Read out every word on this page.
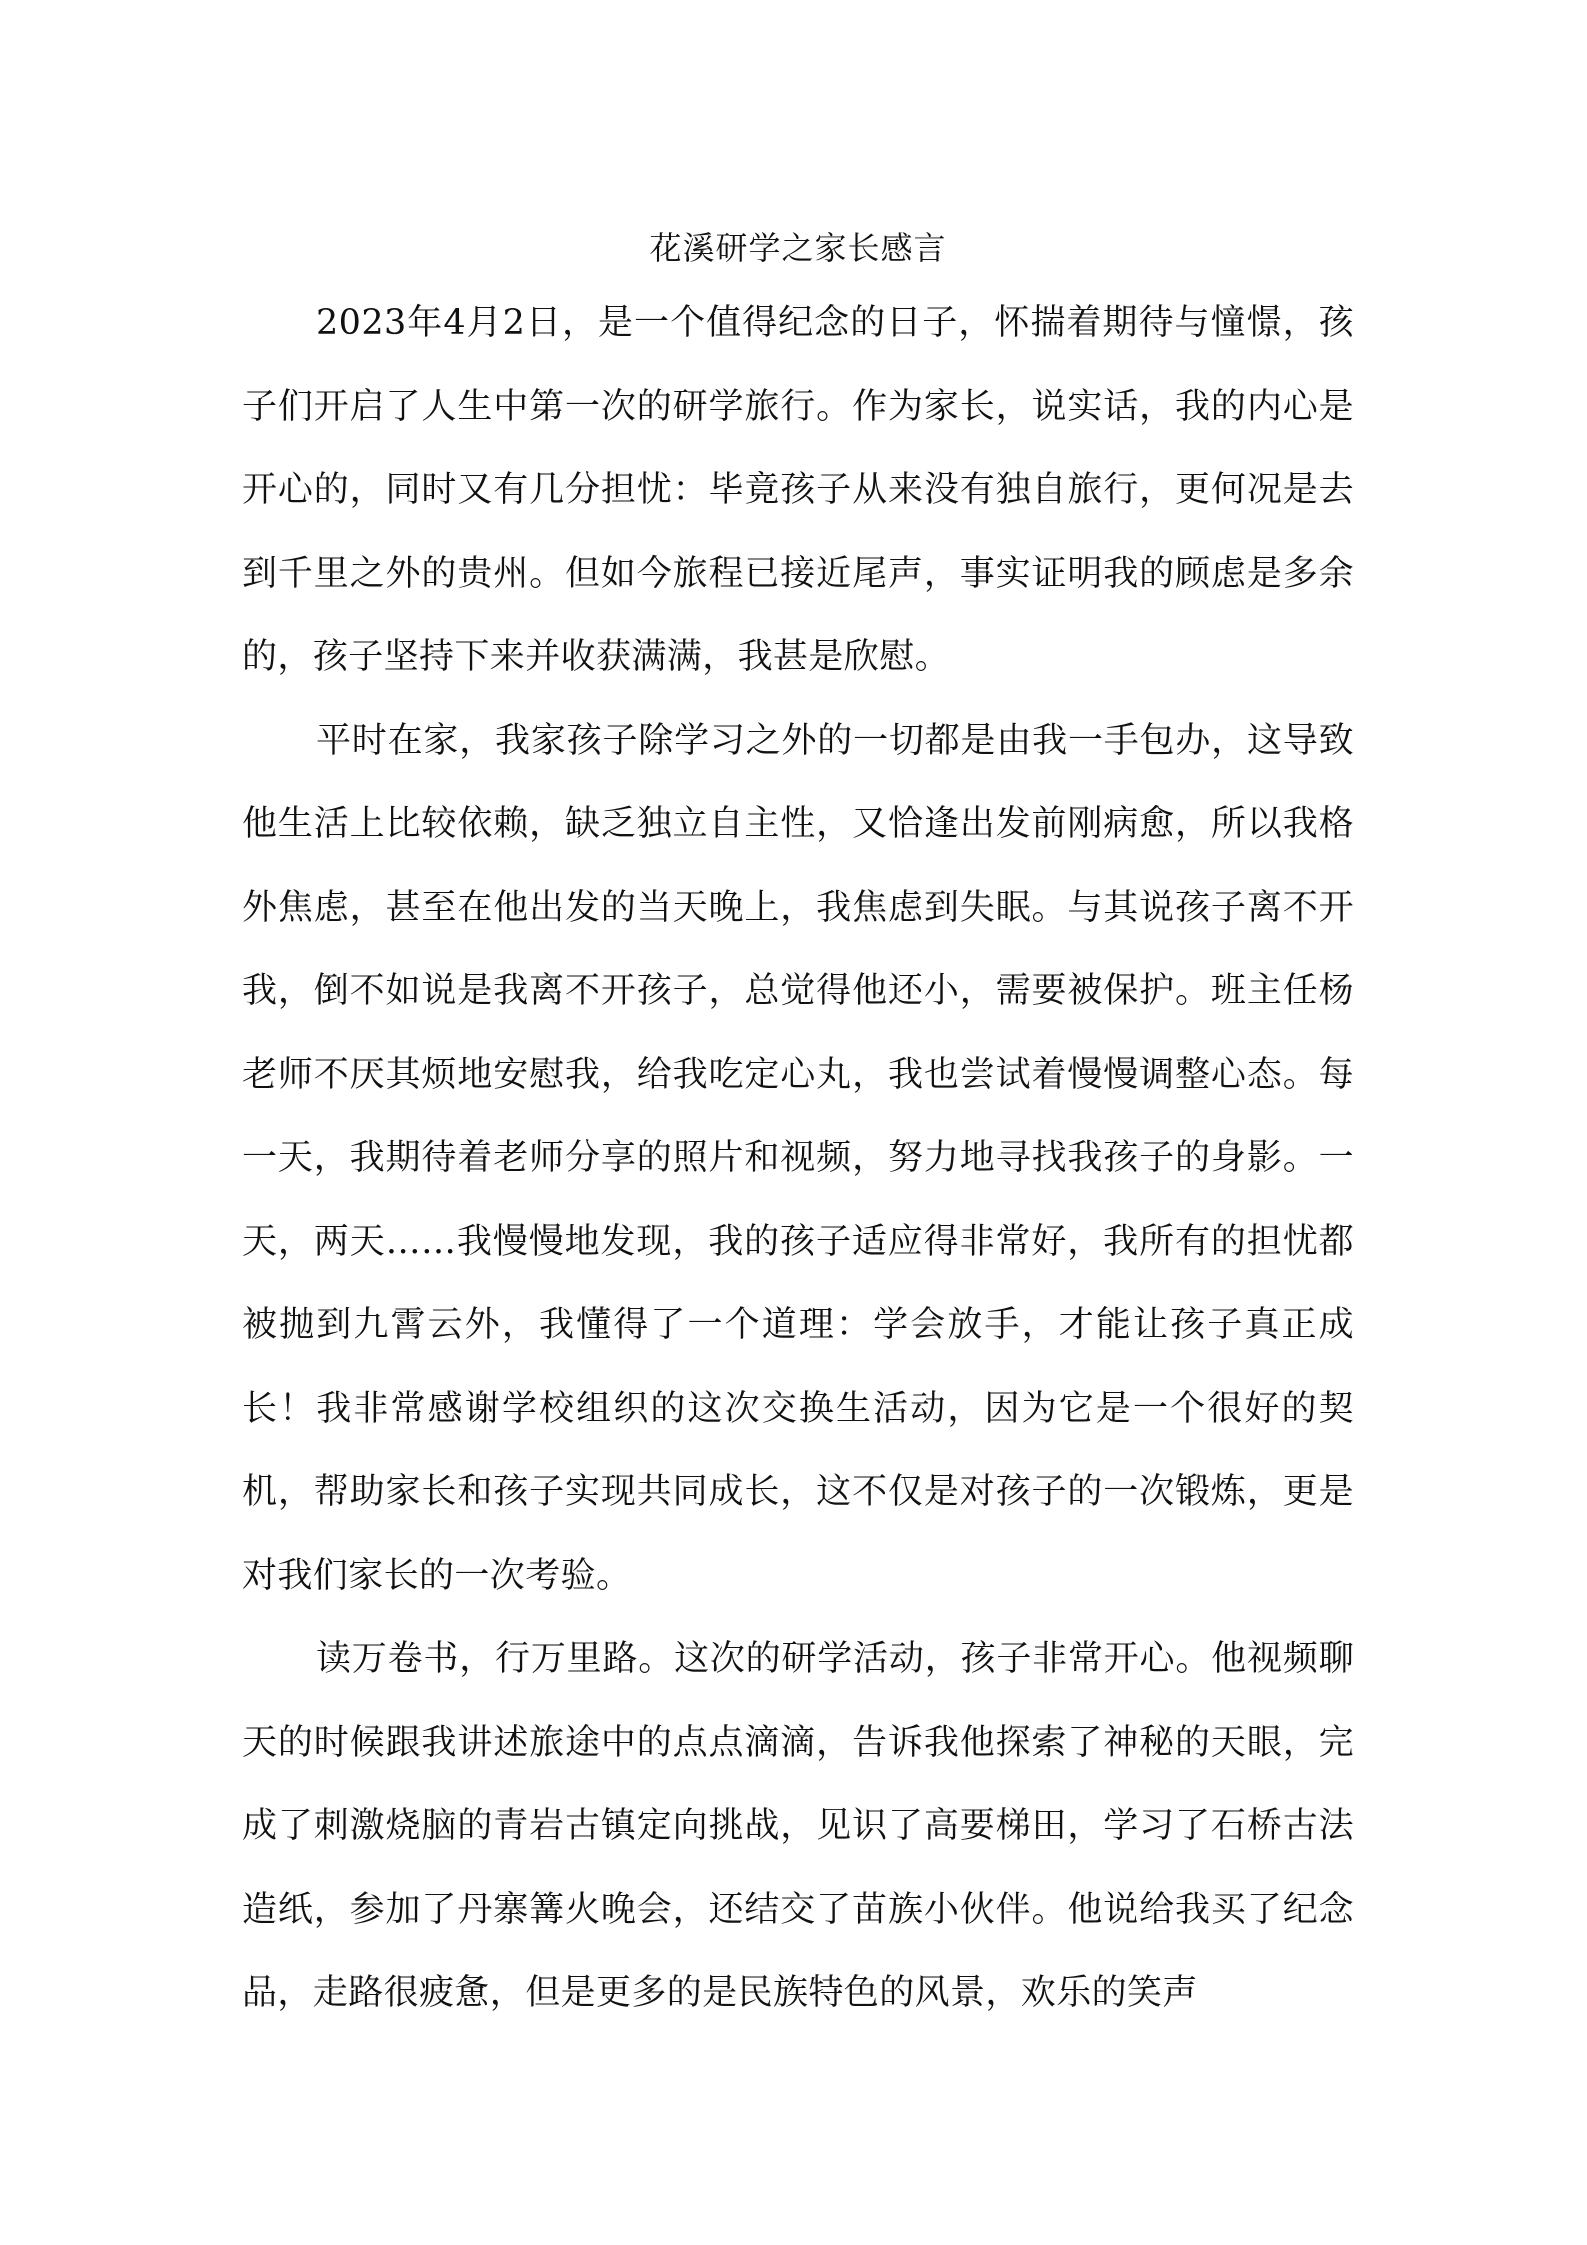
花溪研学之家长感言

2023年4月2日，是一个值得纪念的日子，怀揣着期待与憧憬，孩子们开启了人生中第一次的研学旅行。作为家长，说实话，我的内心是开心的，同时又有几分担忧：毕竟孩子从来没有独自旅行，更何况是去到千里之外的贵州。但如今旅程已接近尾声，事实证明我的顾虑是多余的，孩子坚持下来并收获满满，我甚是欣慰。

平时在家，我家孩子除学习之外的一切都是由我一手包办，这导致他生活上比较依赖，缺乏独立自主性，又恰逢出发前刚病愈，所以我格外焦虑，甚至在他出发的当天晚上，我焦虑到失眠。与其说孩子离不开我，倒不如说是我离不开孩子，总觉得他还小，需要被保护。班主任杨老师不厌其烦地安慰我，给我吃定心丸，我也尝试着慢慢调整心态。每一天，我期待着老师分享的照片和视频，努力地寻找我孩子的身影。一天，两天……我慢慢地发现，我的孩子适应得非常好，我所有的担忧都被抛到九霄云外，我懂得了一个道理：学会放手，才能让孩子真正成长！我非常感谢学校组织的这次交换生活动，因为它是一个很好的契机，帮助家长和孩子实现共同成长，这不仅是对孩子的一次锻炼，更是对我们家长的一次考验。

读万卷书，行万里路。这次的研学活动，孩子非常开心。他视频聊天的时候跟我讲述旅途中的点点滴滴，告诉我他探索了神秘的天眼，完成了刺激烧脑的青岩古镇定向挑战，见识了高要梯田，学习了石桥古法造纸，参加了丹寨篝火晚会，还结交了苗族小伙伴。他说给我买了纪念品，走路很疲惫，但是更多的是民族特色的风景，欢乐的笑声
